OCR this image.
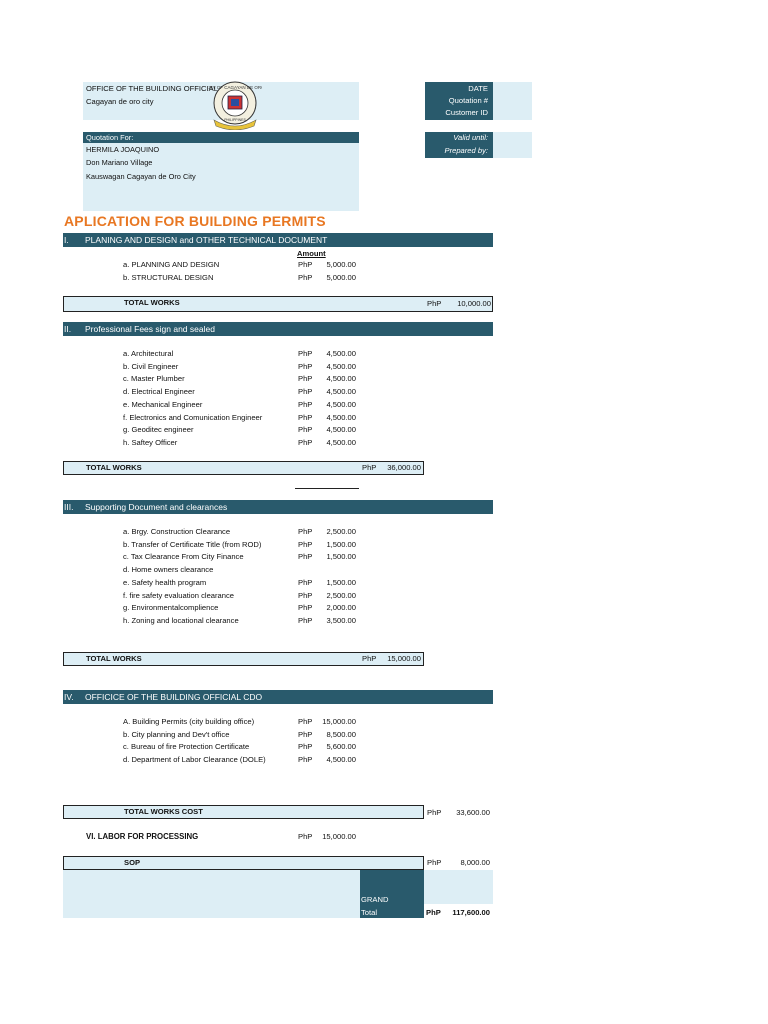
OFFICE OF THE BUILDING OFFICIAL
Cagayan de oro city
CITY OF CAGAYAN DE ORO
PHILIPPINES
DATE
Quotation #
Customer ID
Valid until:
Prepared by:
Quotation For:
HERMILA JOAQUINO
Don Mariano Village
Kauswagan Cagayan de Oro City
APLICATION FOR BUILDING PERMITS
I. PLANING AND DESIGN and OTHER TECHNICAL DOCUMENT
Amount
a. PLANNING AND DESIGN	PhP	5,000.00
b. STRUCTURAL DESIGN	PhP	5,000.00
TOTAL WORKS	PhP	10,000.00
II. Professional Fees sign and sealed
a. Architectural	PhP	4,500.00
b. Civil Engineer	PhP	4,500.00
c. Master Plumber	PhP	4,500.00
d. Electrical Engineer	PhP	4,500.00
e. Mechanical Engineer	PhP	4,500.00
f. Electronics and Comunication Engineer	PhP	4,500.00
g. Geoditec engineer	PhP	4,500.00
h. Saftey Officer	PhP	4,500.00
TOTAL WORKS	PhP	36,000.00
III. Supporting Document and clearances
a. Brgy. Construction Clearance	PhP	2,500.00
b. Transfer of Certificate Title (from ROD)	PhP	1,500.00
c. Tax Clearance From City Finance	PhP	1,500.00
d. Home owners clearance
e. Safety health program	PhP	1,500.00
f. fire safety evaluation clearance	PhP	2,500.00
g. Environmentalcomplience	PhP	2,000.00
h. Zoning and locational clearance	PhP	3,500.00
TOTAL WORKS	PhP	15,000.00
IV. OFFICICE OF THE BUILDING OFFICIAL CDO
A. Building Permits (city building office)	PhP	15,000.00
b. City planning and Dev't office	PhP	8,500.00
c. Bureau of fire Protection Certificate	PhP	5,600.00
d. Department of Labor Clearance (DOLE)	PhP	4,500.00
TOTAL WORKS COST	PhP	33,600.00
VI. LABOR FOR PROCESSING	PhP	15,000.00
SOP	PhP	8,000.00
GRAND
Total	PhP	117,600.00
